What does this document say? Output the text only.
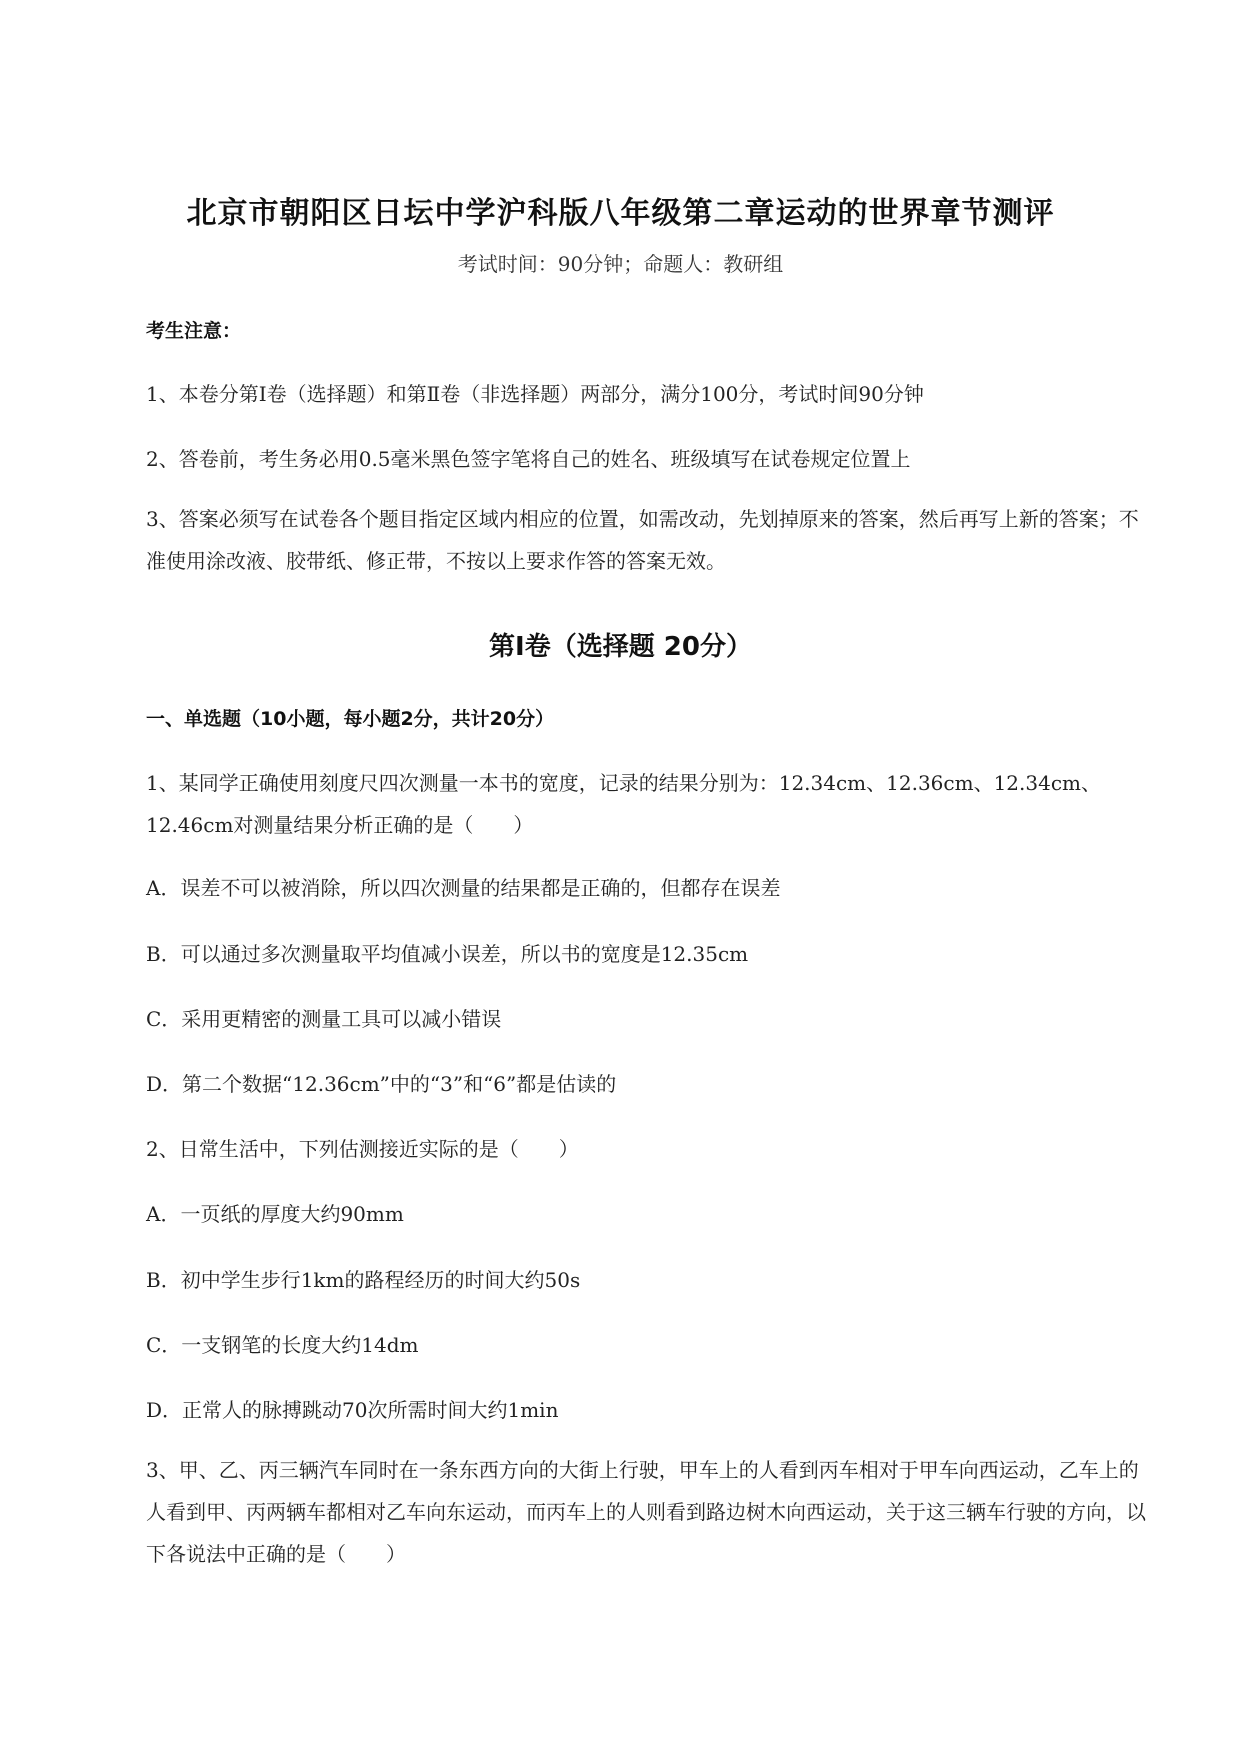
北京市朝阳区日坛中学沪科版八年级第二章运动的世界章节测评
考试时间：90分钟；命题人：教研组
考生注意：
1、本卷分第Ⅰ卷（选择题）和第Ⅱ卷（非选择题）两部分，满分100分，考试时间90分钟
2、答卷前，考生务必用0.5毫米黑色签字笔将自己的姓名、班级填写在试卷规定位置上
3、答案必须写在试卷各个题目指定区域内相应的位置，如需改动，先划掉原来的答案，然后再写上新的答案；不准使用涂改液、胶带纸、修正带，不按以上要求作答的答案无效。
第Ⅰ卷（选择题 20分）
一、单选题（10小题，每小题2分，共计20分）
1、某同学正确使用刻度尺四次测量一本书的宽度，记录的结果分别为：12.34cm、12.36cm、12.34cm、12.46cm对测量结果分析正确的是（　　）
A．误差不可以被消除，所以四次测量的结果都是正确的，但都存在误差
B．可以通过多次测量取平均值减小误差，所以书的宽度是12.35cm
C．采用更精密的测量工具可以减小错误
D．第二个数据“12.36cm”中的“3”和“6”都是估读的
2、日常生活中，下列估测接近实际的是（　　）
A．一页纸的厚度大约90mm
B．初中学生步行1km的路程经历的时间大约50s
C．一支钢笔的长度大约14dm
D．正常人的脉搏跳动70次所需时间大约1min
3、甲、乙、丙三辆汽车同时在一条东西方向的大街上行驶，甲车上的人看到丙车相对于甲车向西运动，乙车上的人看到甲、丙两辆车都相对乙车向东运动，而丙车上的人则看到路边树木向西运动，关于这三辆车行驶的方向，以下各说法中正确的是（　　）
